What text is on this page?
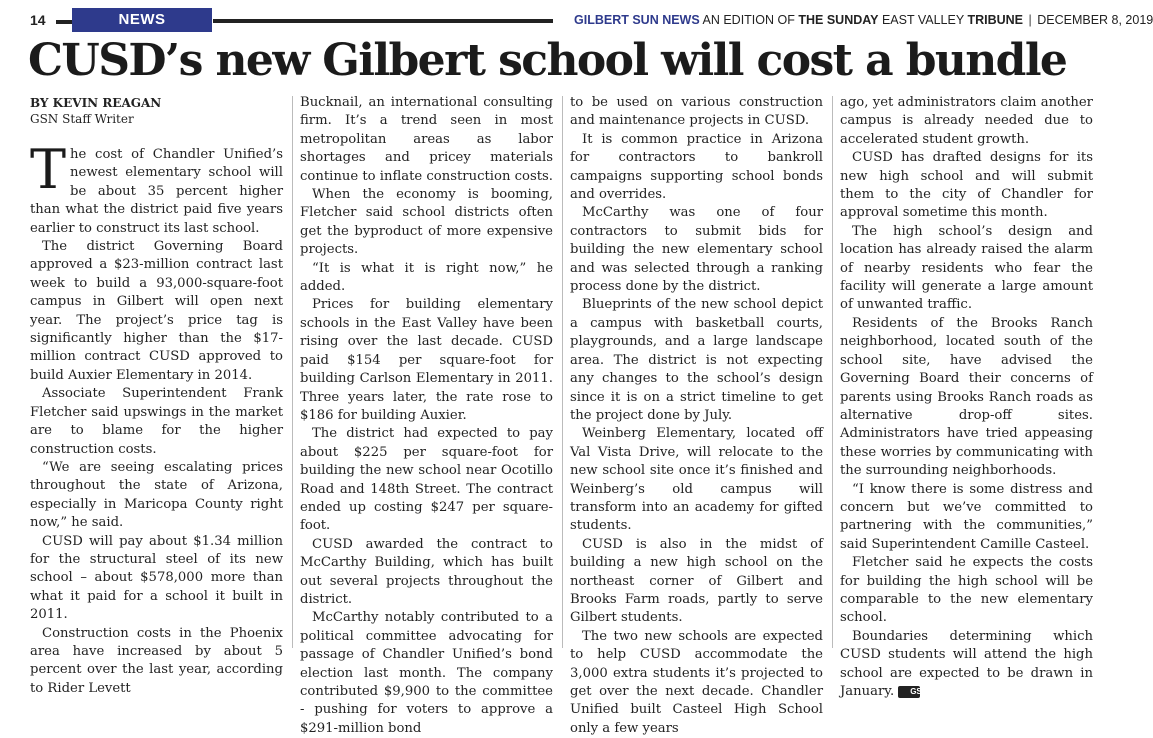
14	NEWS	GILBERT SUN NEWS AN EDITION OF THE SUNDAY EAST VALLEY TRIBUNE | DECEMBER 8, 2019
CUSD’s new Gilbert school will cost a bundle
BY KEVIN REAGAN
GSN Staff Writer

The cost of Chandler Unified’s newest elementary school will be about 35 percent higher than what the district paid five years earlier to construct its last school.

The district Governing Board approved a $23-million contract last week to build a 93,000-square-foot campus in Gilbert will open next year. The project’s price tag is significantly higher than the $17-million contract CUSD approved to build Auxier Elementary in 2014.

Associate Superintendent Frank Fletcher said upswings in the market are to blame for the higher construction costs.

“We are seeing escalating prices throughout the state of Arizona, especially in Maricopa County right now,” he said.

CUSD will pay about $1.34 million for the structural steel of its new school – about $578,000 more than what it paid for a school it built in 2011.

Construction costs in the Phoenix area have increased by about 5 percent over the last year, according to Rider Levett

Bucknail, an international consulting firm. It’s a trend seen in most metropolitan areas as labor shortages and pricey materials continue to inflate construction costs.

When the economy is booming, Fletcher said school districts often get the byproduct of more expensive projects.

“It is what it is right now,” he added.

Prices for building elementary schools in the East Valley have been rising over the last decade. CUSD paid $154 per square-foot for building Carlson Elementary in 2011. Three years later, the rate rose to $186 for building Auxier.

The district had expected to pay about $225 per square-foot for building the new school near Ocotillo Road and 148th Street. The contract ended up costing $247 per square-foot.

CUSD awarded the contract to McCarthy Building, which has built out several projects throughout the district.

McCarthy notably contributed to a political committee advocating for passage of Chandler Unified’s bond election last month. The company contributed $9,900 to the committee - pushing for voters to approve a $291-million bond

to be used on various construction and maintenance projects in CUSD.

It is common practice in Arizona for contractors to bankroll campaigns supporting school bonds and overrides.

McCarthy was one of four contractors to submit bids for building the new elementary school and was selected through a ranking process done by the district.

Blueprints of the new school depict a campus with basketball courts, playgrounds, and a large landscape area. The district is not expecting any changes to the school’s design since it is on a strict timeline to get the project done by July.

Weinberg Elementary, located off Val Vista Drive, will relocate to the new school site once it’s finished and Weinberg’s old campus will transform into an academy for gifted students.

CUSD is also in the midst of building a new high school on the northeast corner of Gilbert and Brooks Farm roads, partly to serve Gilbert students.

The two new schools are expected to help CUSD accommodate the 3,000 extra students it’s projected to get over the next decade. Chandler Unified built Casteel High School only a few years

ago, yet administrators claim another campus is already needed due to accelerated student growth.

CUSD has drafted designs for its new high school and will submit them to the city of Chandler for approval sometime this month.

The high school’s design and location has already raised the alarm of nearby residents who fear the facility will generate a large amount of unwanted traffic.

Residents of the Brooks Ranch neighborhood, located south of the school site, have advised the Governing Board their concerns of parents using Brooks Ranch roads as alternative drop-off sites. Administrators have tried appeasing these worries by communicating with the surrounding neighborhoods.

“I know there is some distress and concern but we’ve committed to partnering with the communities,” said Superintendent Camille Casteel.

Fletcher said he expects the costs for building the high school will be comparable to the new elementary school.

Boundaries determining which CUSD students will attend the high school are expected to be drawn in January. GSN
